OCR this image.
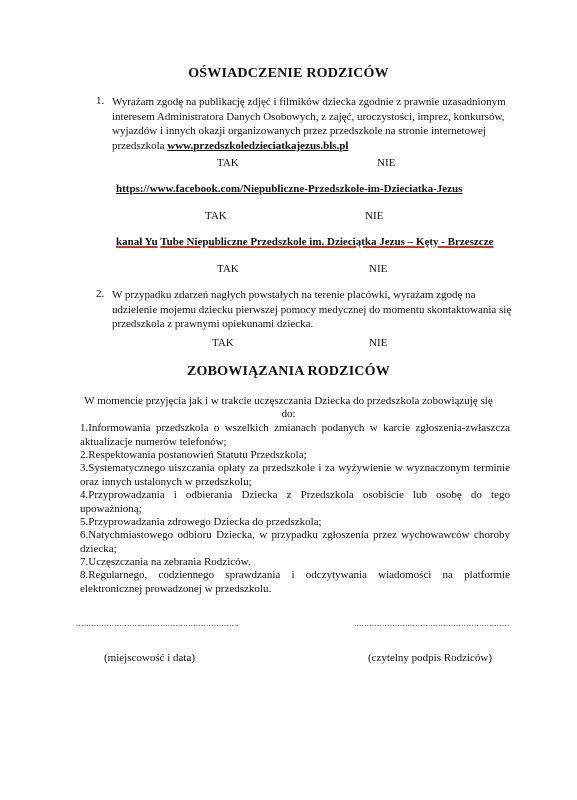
OŚWIADCZENIE RODZICÓW
1. Wyrażam zgodę na publikację zdjęć i filmików dziecka zgodnie z prawnie uzasadnionym interesem Administratora Danych Osobowych, z zajęć, uroczystości, imprez, konkursów, wyjazdów i innych okazji organizowanych przez przedszkole na stronie internetowej przedszkola www.przedszkoledzieciatkajezus.bls.pl
TAK	NIE
https://www.facebook.com/Niepubliczne-Przedszkole-im-Dzieciatka-Jezus
TAK	NIE
kanał Yu Tube Niepubliczne Przedszkole im. Dzieciątka Jezus – Kęty - Brzeszcze
TAK	NIE
2. W przypadku zdarzeń nagłych powstałych na terenie placówki, wyrażam zgodę na udzielenie mojemu dziecku pierwszej pomocy medycznej do momentu skontaktowania się przedszkola z prawnymi opiekunami dziecka.
TAK	NIE
ZOBOWIĄZANIA RODZICÓW
W momencie przyjęcia jak i w trakcie uczęszczania Dziecka do przedszkola zobowiązuję się
do:
1.Informowania przedszkola o wszelkich zmianach podanych w karcie zgłoszenia-zwłaszcza aktualizacje numerów telefonów;
2.Respektowania postanowień Statutu Przedszkola;
3.Systematycznego uiszczania opłaty za przedszkole i za wyżywienie w wyznaczonym terminie oraz innych ustalonych w przedszkolu;
4.Przyprowadzania i odbierania Dziecka z Przedszkola osobiście lub osobę do tego upoważnioną;
5.Przyprowadzania zdrowego Dziecka do przedszkola;
6.Natychmiastowego odbioru Dziecka, w przypadku zgłoszenia przez wychowawców choroby dziecka;
7.Uczęszczania na zebrania Rodziców.
8.Regularnego, codziennego sprawdzania i odczytywania wiadomości na platformie elektronicznej prowadzonej w przedszkolu.
................................................................	.............................................................
(miejscowość i data)	(czytelny podpis Rodziców)
